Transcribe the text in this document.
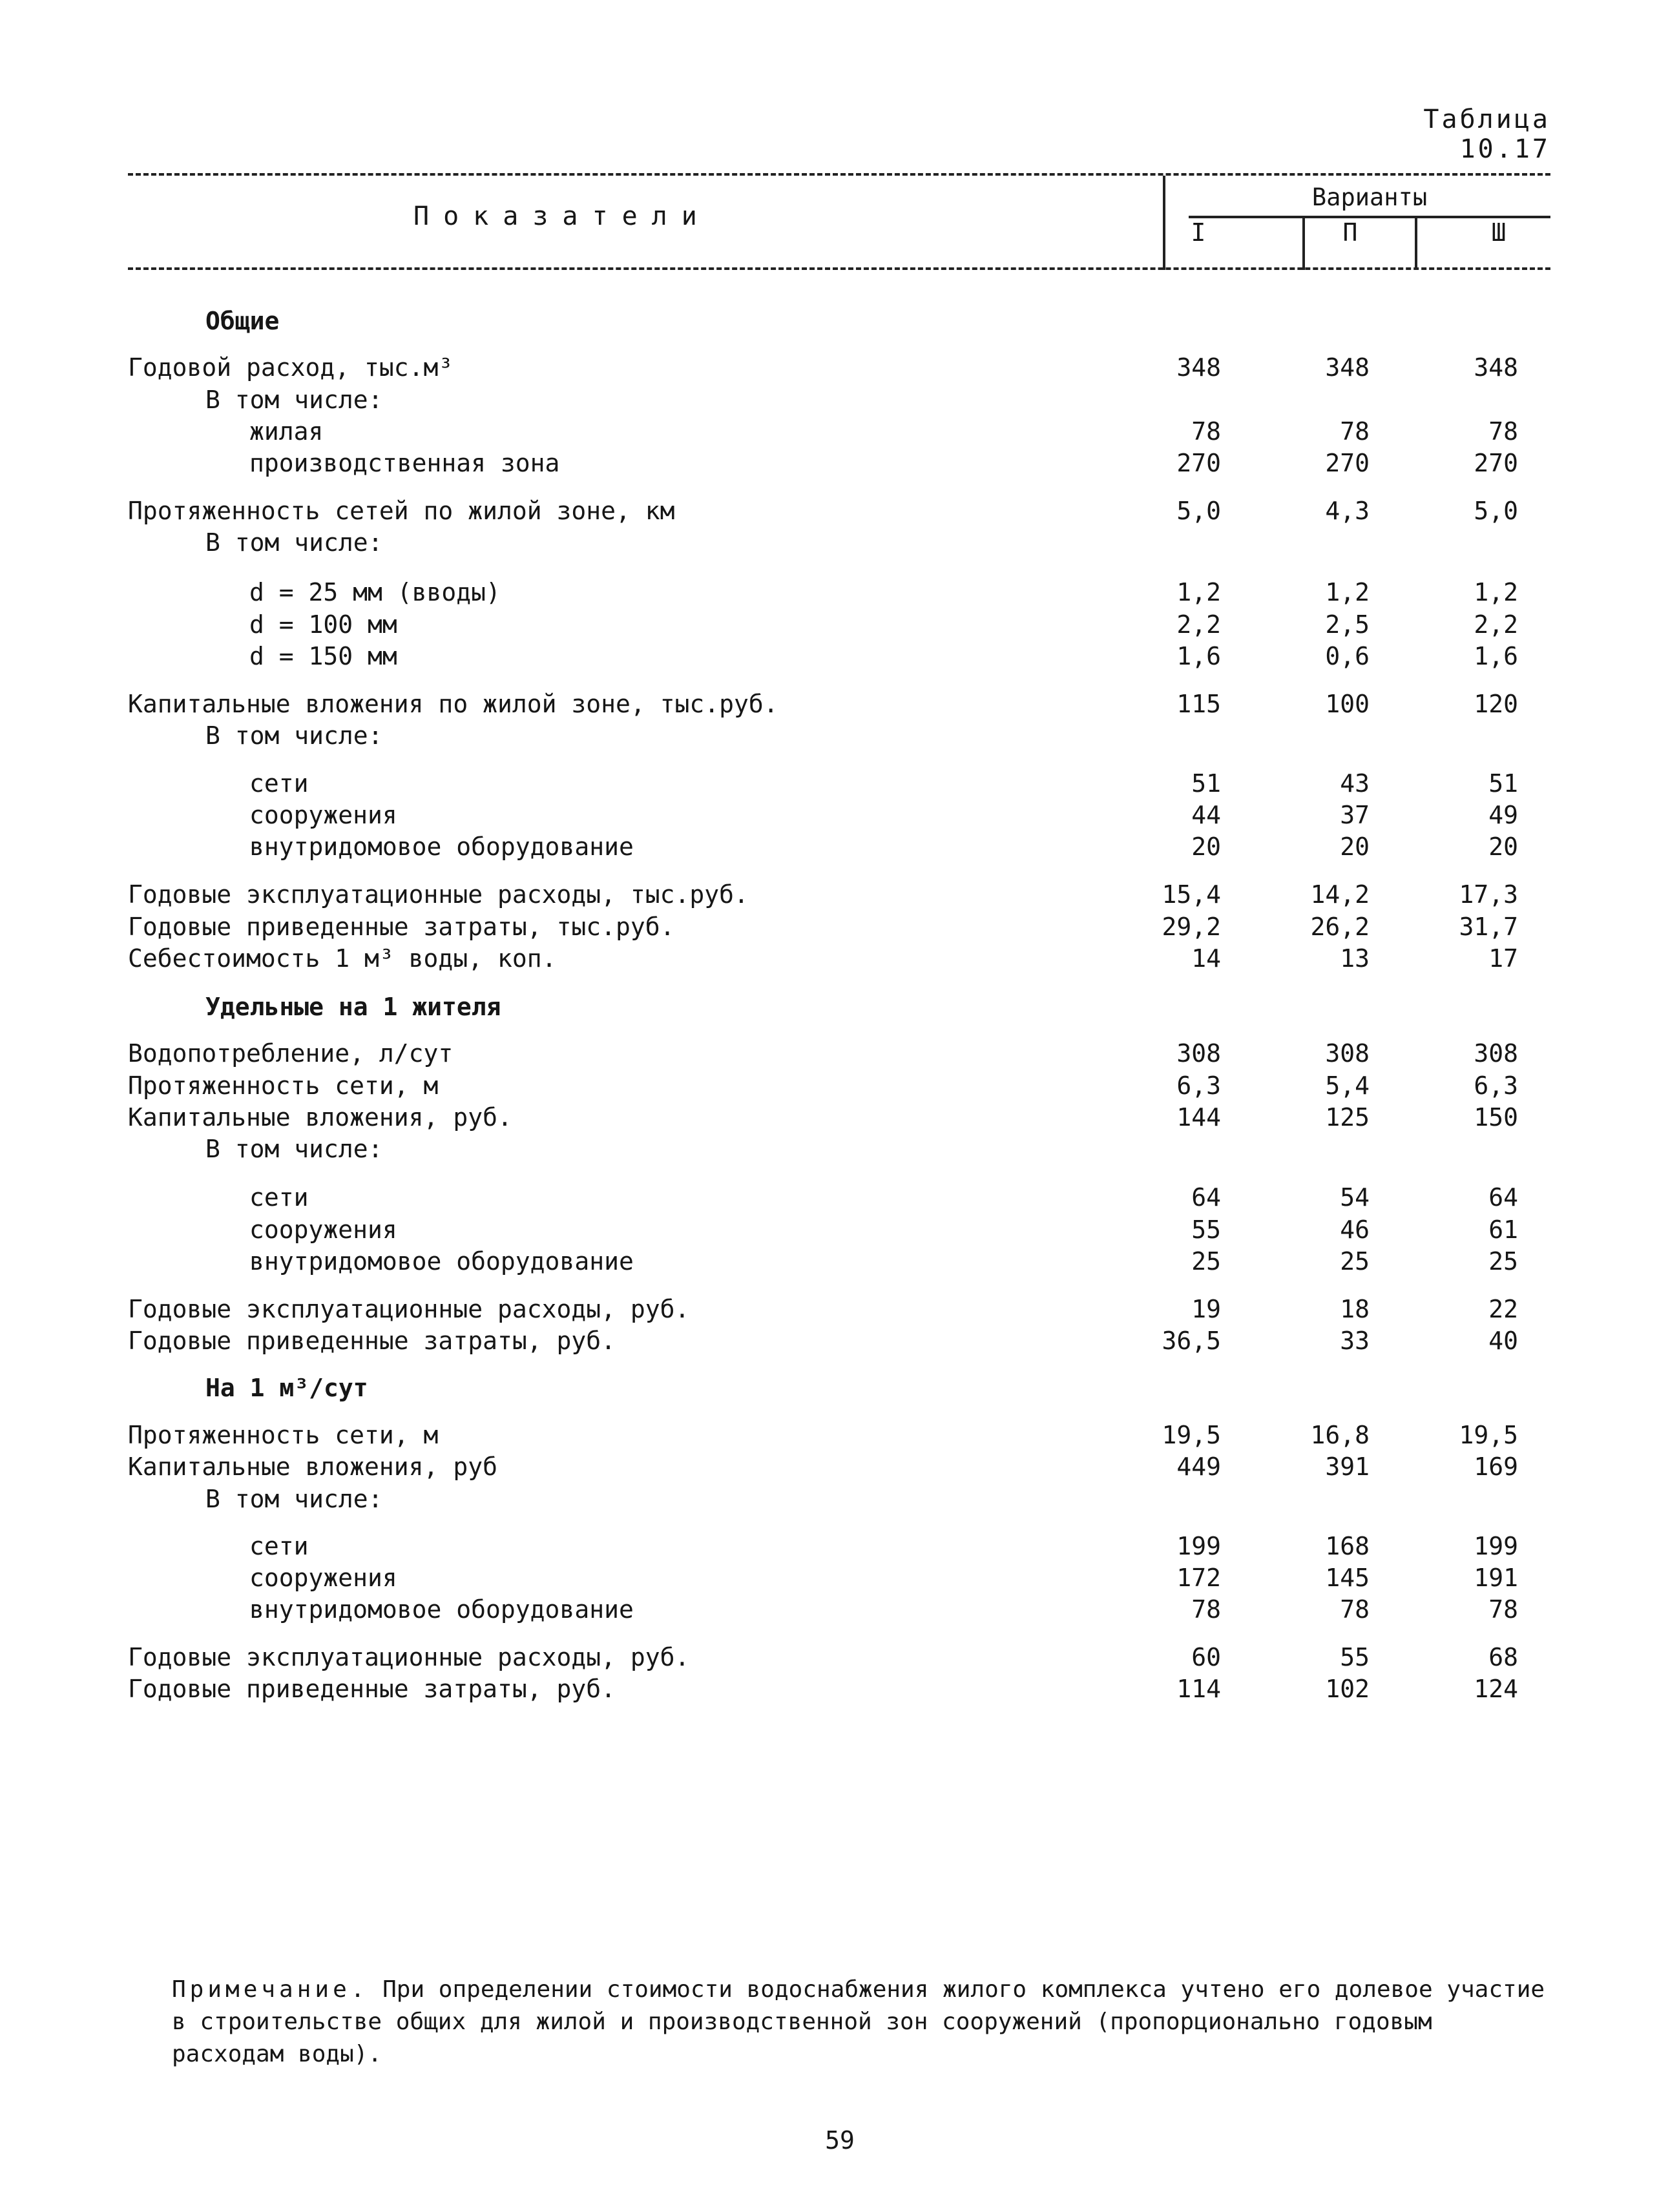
Таблица 10.17
Показатели
Варианты
I	П	Ш
Общие
Годовой расход, тыс.м³	348	348	348
В том числе:
жилая	78	78	78
производственная зона	270	270	270
Протяженность сетей по жилой зоне, км	5,0	4,3	5,0
В том числе:
d = 25 мм (вводы)	1,2	1,2	1,2
d = 100 мм	2,2	2,5	2,2
d = 150 мм	1,6	0,6	1,6
Капитальные вложения по жилой зоне, тыс.руб.	115	100	120
В том числе:
сети	51	43	51
сооружения	44	37	49
внутридомовое оборудование	20	20	20
Годовые эксплуатационные расходы, тыс.руб.	15,4	14,2	17,3
Годовые приведенные затраты, тыс.руб.	29,2	26,2	31,7
Себестоимость 1 м³ воды, коп.	14	13	17
Удельные на 1 жителя
Водопотребление, л/сут	308	308	308
Протяженность сети, м	6,3	5,4	6,3
Капитальные вложения, руб.	144	125	150
В том числе:
сети	64	54	64
сооружения	55	46	61
внутридомовое оборудование	25	25	25
Годовые эксплуатационные расходы, руб.	19	18	22
Годовые приведенные затраты, руб.	36,5	33	40
На 1 м³/сут
Протяженность сети, м	19,5	16,8	19,5
Капитальные вложения, руб	449	391	169
В том числе:
сети	199	168	199
сооружения	172	145	191
внутридомовое оборудование	78	78	78
Годовые эксплуатационные расходы, руб.	60	55	68
Годовые приведенные затраты, руб.	114	102	124
Примечание. При определении стоимости водоснабжения жилого комплекса учтено его долевое участие в строительстве общих для жилой и производственной зон сооружений (пропорционально годовым расходам воды).
59
